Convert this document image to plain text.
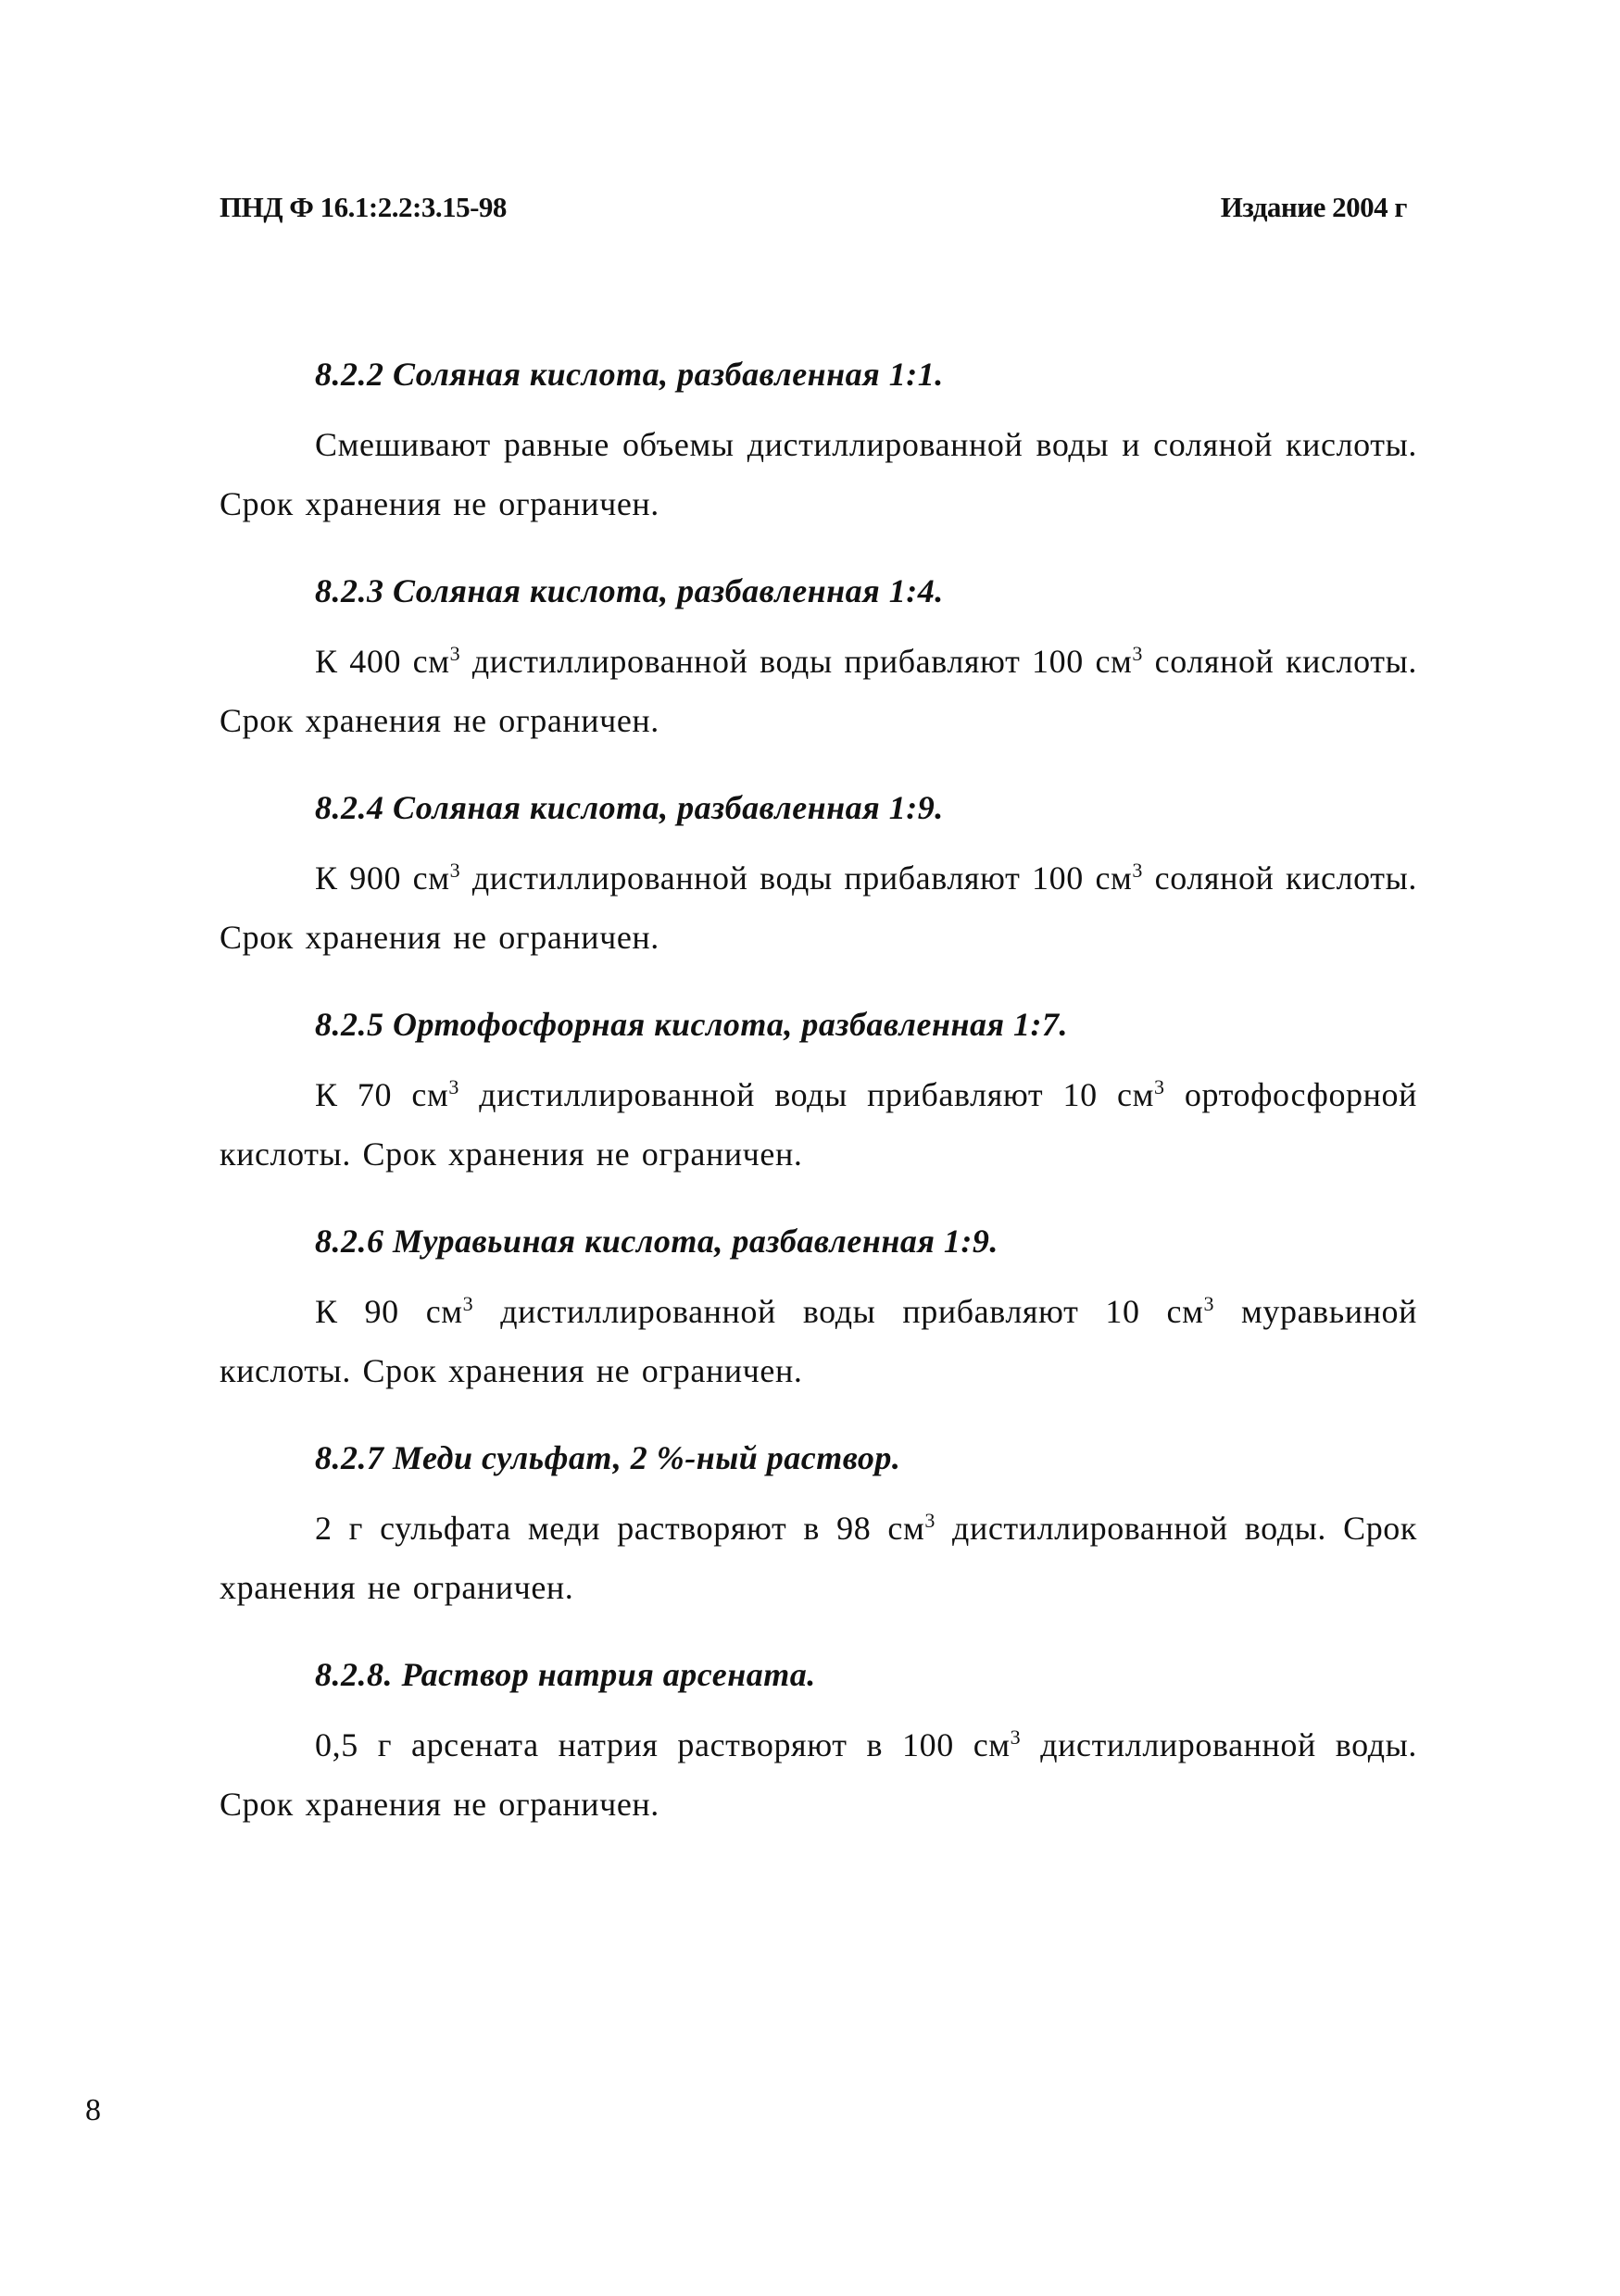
ПНД Ф 16.1:2.2:3.15-98	Издание 2004 г
8.2.2 Соляная кислота, разбавленная 1:1.

Смешивают равные объемы дистиллированной воды и соляной кислоты. Срок хранения не ограничен.

8.2.3 Соляная кислота, разбавленная 1:4.

К 400 $см^3$ дистиллированной воды прибавляют 100 $см^3$ соляной кислоты. Срок хранения не ограничен.

8.2.4 Соляная кислота, разбавленная 1:9.

К 900 $см^3$ дистиллированной воды прибавляют 100 $см^3$ соляной кислоты. Срок хранения не ограничен.

8.2.5 Ортофосфорная кислота, разбавленная 1:7.

К 70 $см^3$ дистиллированной воды прибавляют 10 $см^3$ ортофосфорной кислоты. Срок хранения не ограничен.

8.2.6 Муравьиная кислота, разбавленная 1:9.

К 90 $см^3$ дистиллированной воды прибавляют 10 $см^3$ муравьиной кислоты. Срок хранения не ограничен.

8.2.7 Меди сульфат, 2 %-ный раствор.

2 г сульфата меди растворяют в 98 $см^3$ дистиллированной воды. Срок хранения не ограничен.

8.2.8. Раствор натрия арсената.

0,5 г арсената натрия растворяют в 100 $см^3$ дистиллированной воды. Срок хранения не ограничен.

8
